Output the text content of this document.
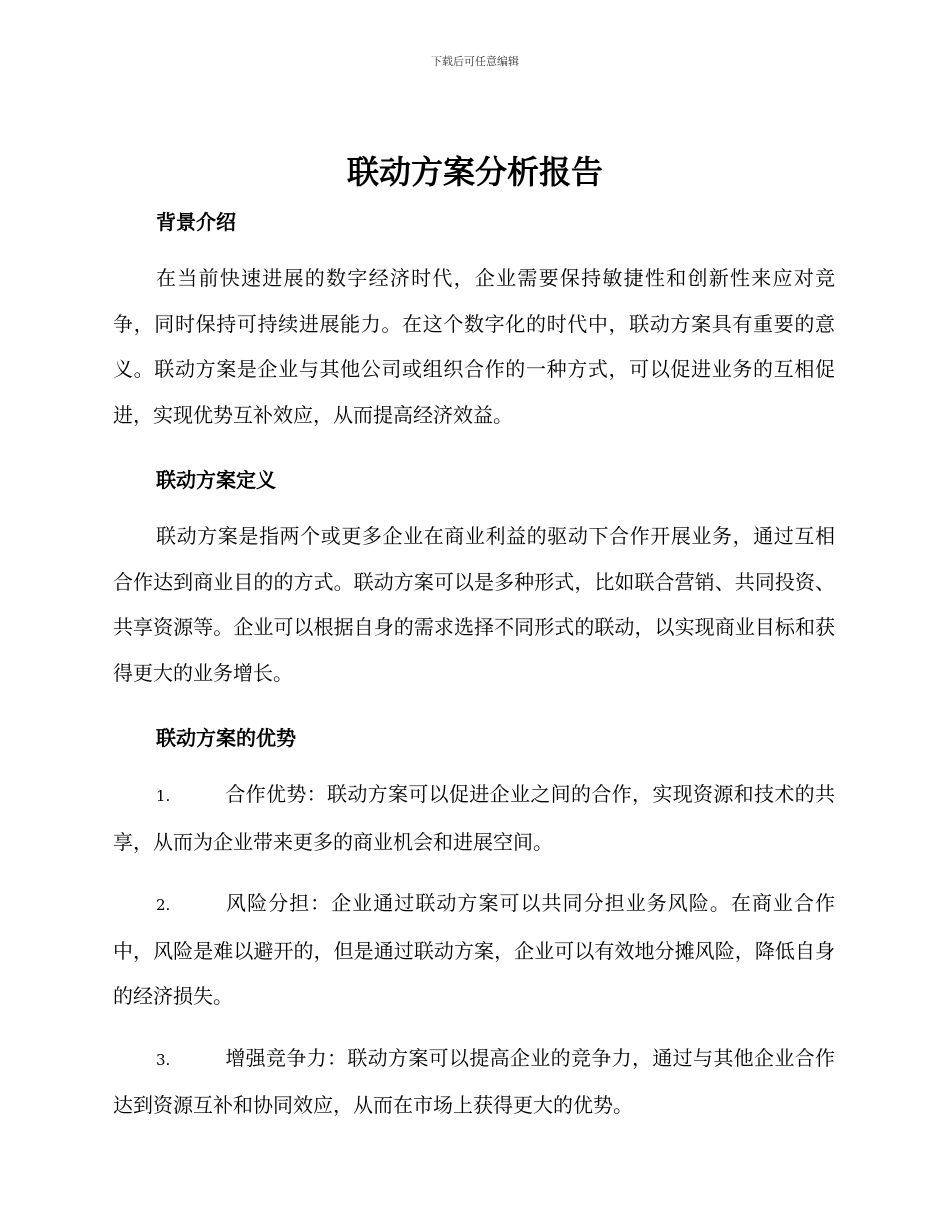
下载后可任意编辑
联动方案分析报告
背景介绍

在当前快速进展的数字经济时代，企业需要保持敏捷性和创新性来应对竞争，同时保持可持续进展能力。在这个数字化的时代中，联动方案具有重要的意义。联动方案是企业与其他公司或组织合作的一种方式，可以促进业务的互相促进，实现优势互补效应，从而提高经济效益。

联动方案定义

联动方案是指两个或更多企业在商业利益的驱动下合作开展业务，通过互相合作达到商业目的的方式。联动方案可以是多种形式，比如联合营销、共同投资、共享资源等。企业可以根据自身的需求选择不同形式的联动，以实现商业目标和获得更大的业务增长。

联动方案的优势

1.	合作优势：联动方案可以促进企业之间的合作，实现资源和技术的共享，从而为企业带来更多的商业机会和进展空间。

2.	风险分担：企业通过联动方案可以共同分担业务风险。在商业合作中，风险是难以避开的，但是通过联动方案，企业可以有效地分摊风险，降低自身的经济损失。

3.	增强竞争力：联动方案可以提高企业的竞争力，通过与其他企业合作达到资源互补和协同效应，从而在市场上获得更大的优势。
